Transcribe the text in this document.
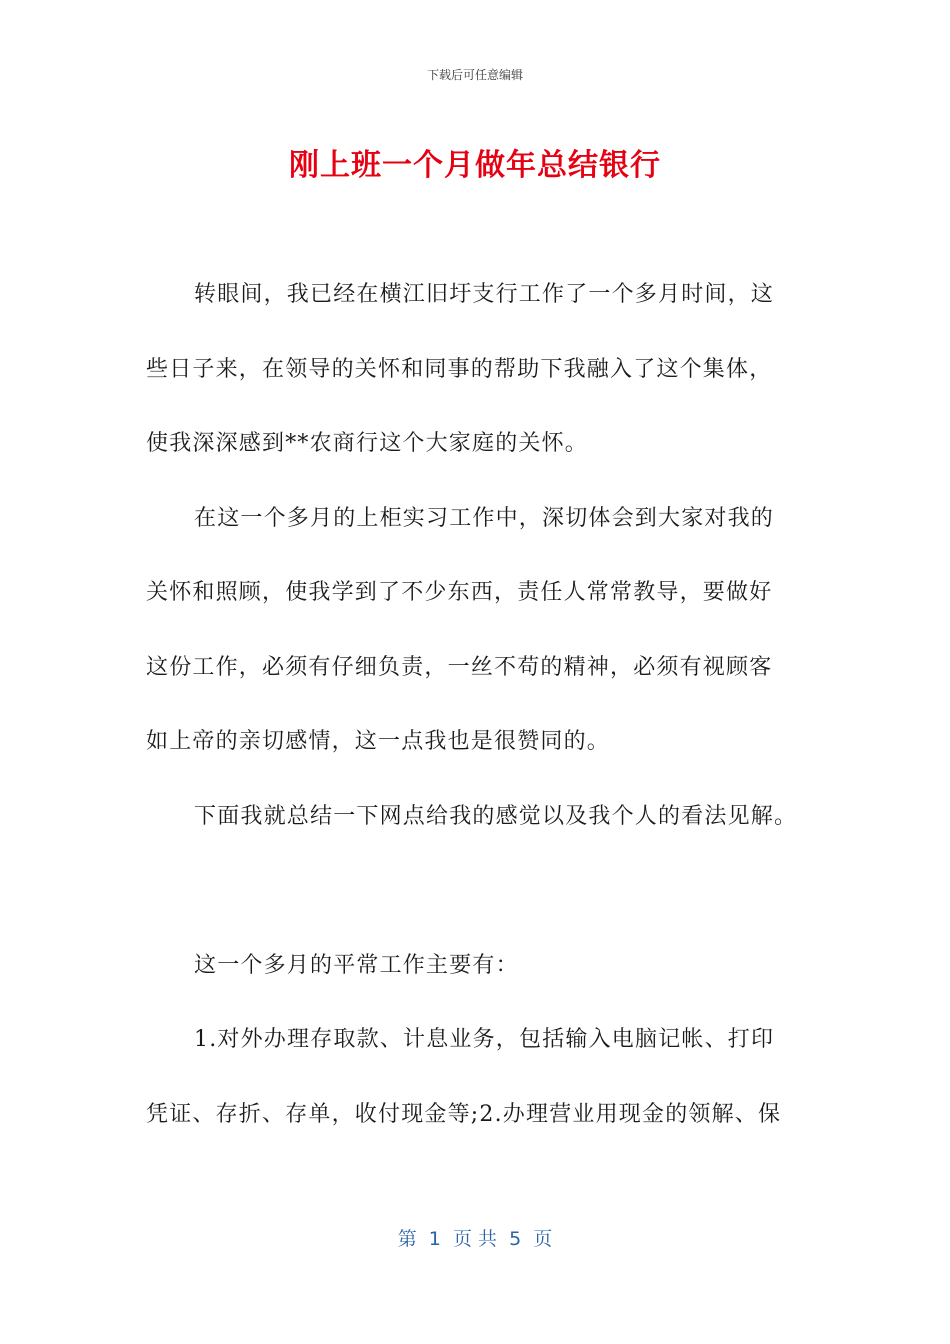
下载后可任意编辑
刚上班一个月做年总结银行
转眼间，我已经在横江旧圩支行工作了一个多月时间，这
些日子来，在领导的关怀和同事的帮助下我融入了这个集体，
使我深深感到**农商行这个大家庭的关怀。
在这一个多月的上柜实习工作中，深切体会到大家对我的
关怀和照顾，使我学到了不少东西，责任人常常教导，要做好
这份工作，必须有仔细负责，一丝不苟的精神，必须有视顾客
如上帝的亲切感情，这一点我也是很赞同的。
下面我就总结一下网点给我的感觉以及我个人的看法见解。
这一个多月的平常工作主要有：
1.对外办理存取款、计息业务，包括输入电脑记帐、打印
凭证、存折、存单，收付现金等;2.办理营业用现金的领解、保
第  1  页 共  5  页
